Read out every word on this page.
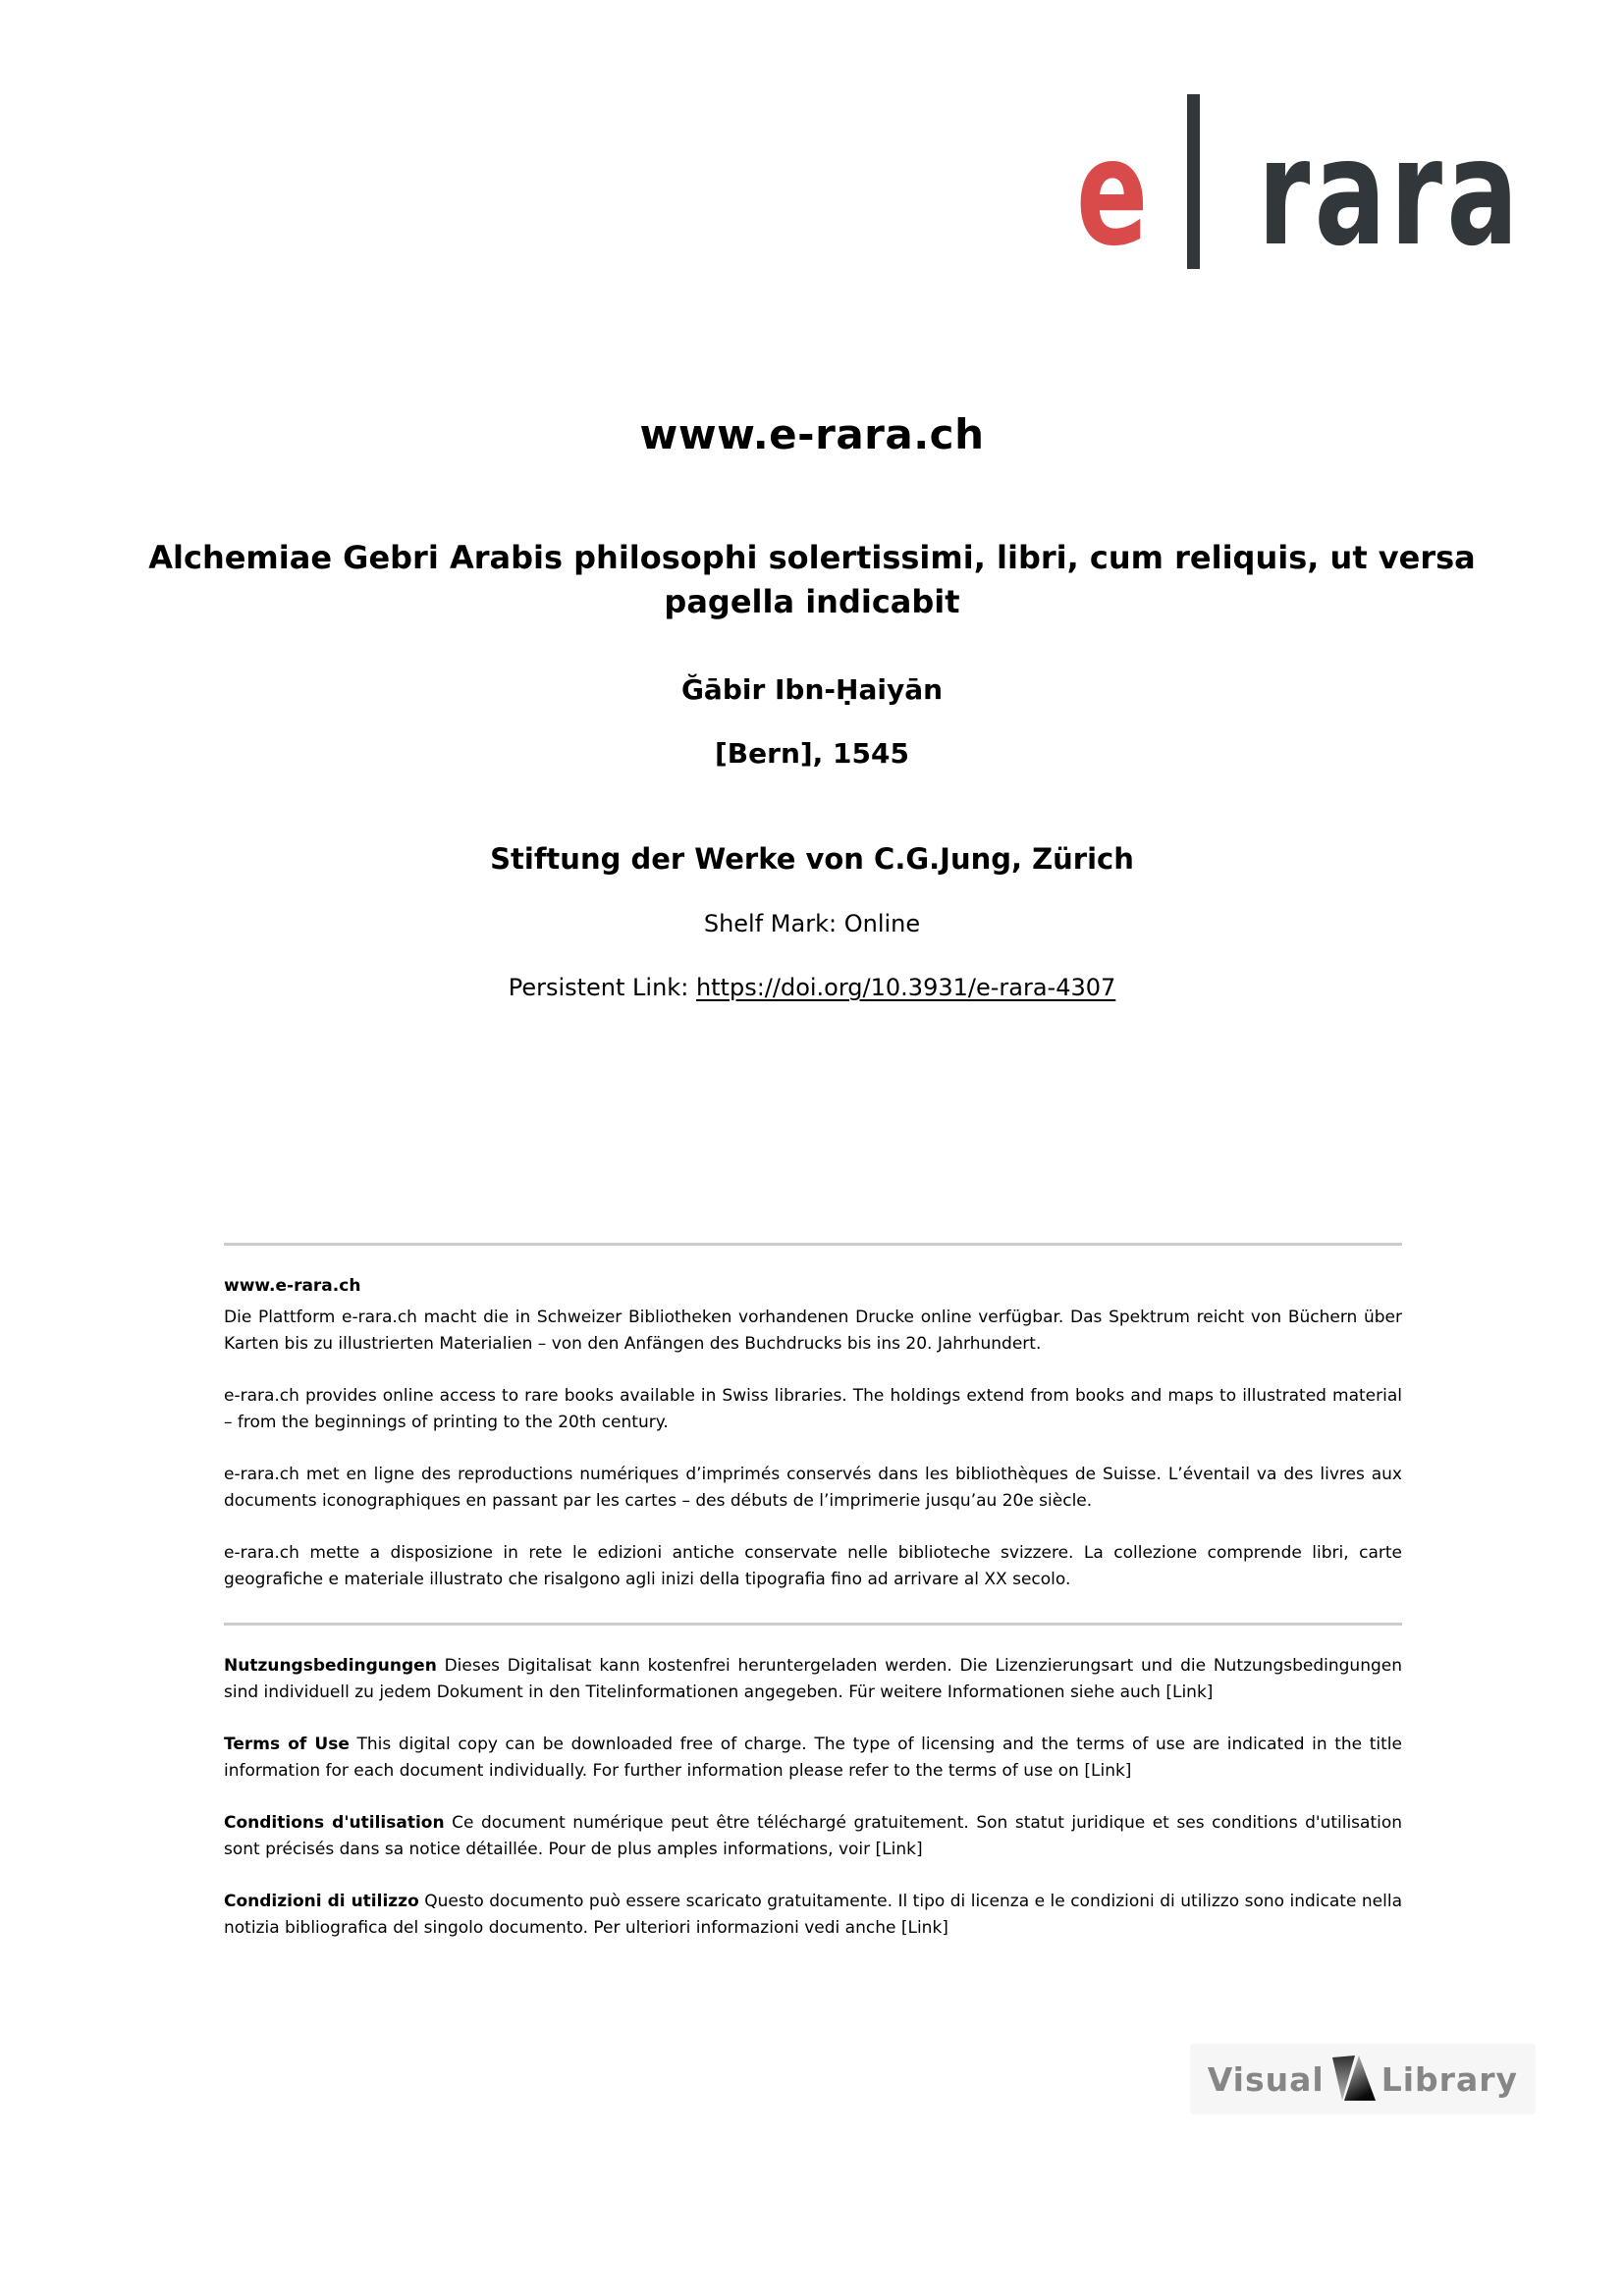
e rara
www.e-rara.ch
Alchemiae Gebri Arabis philosophi solertissimi, libri, cum reliquis, ut versa pagella indicabit
Ğābir Ibn-Ḥaiyān
[Bern], 1545
Stiftung der Werke von C.G.Jung, Zürich
Shelf Mark: Online
Persistent Link: https://doi.org/10.3931/e-rara-4307

www.e-rara.ch

Die Plattform e-rara.ch macht die in Schweizer Bibliotheken vorhandenen Drucke online verfügbar. Das Spektrum reicht von Büchern über Karten bis zu illustrierten Materialien – von den Anfängen des Buchdrucks bis ins 20. Jahrhundert.

e-rara.ch provides online access to rare books available in Swiss libraries. The holdings extend from books and maps to illustrated material – from the beginnings of printing to the 20th century.

e-rara.ch met en ligne des reproductions numériques d’imprimés conservés dans les bibliothèques de Suisse. L’éventail va des livres aux documents iconographiques en passant par les cartes – des débuts de l’imprimerie jusqu’au 20e siècle.

e-rara.ch mette a disposizione in rete le edizioni antiche conservate nelle biblioteche svizzere. La collezione comprende libri, carte geografiche e materiale illustrato che risalgono agli inizi della tipografia fino ad arrivare al XX secolo.

Nutzungsbedingungen Dieses Digitalisat kann kostenfrei heruntergeladen werden. Die Lizenzierungsart und die Nutzungsbedingungen sind individuell zu jedem Dokument in den Titelinformationen angegeben. Für weitere Informationen siehe auch [Link]

Terms of Use This digital copy can be downloaded free of charge. The type of licensing and the terms of use are indicated in the title information for each document individually. For further information please refer to the terms of use on [Link]

Conditions d'utilisation Ce document numérique peut être téléchargé gratuitement. Son statut juridique et ses conditions d'utilisation sont précisés dans sa notice détaillée. Pour de plus amples informations, voir [Link]

Condizioni di utilizzo Questo documento può essere scaricato gratuitamente. Il tipo di licenza e le condizioni di utilizzo sono indicate nella notizia bibliografica del singolo documento. Per ulteriori informazioni vedi anche [Link]

Visual Library
